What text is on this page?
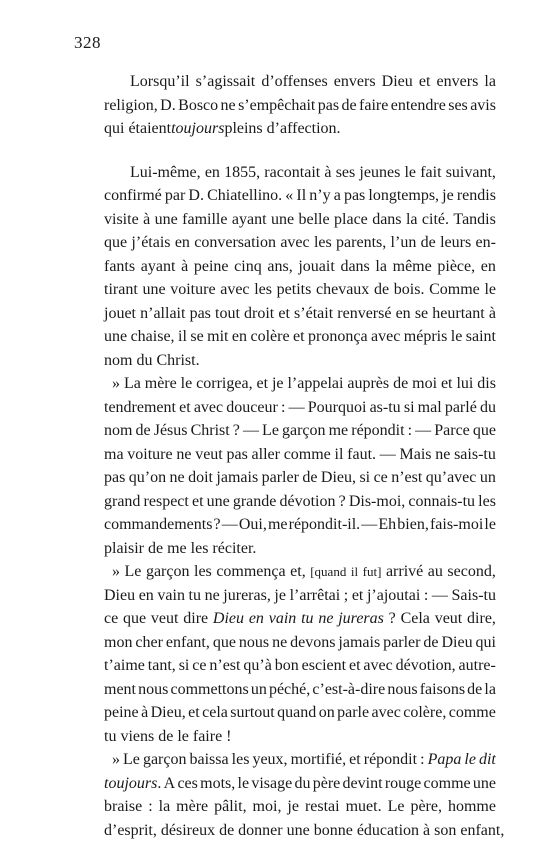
328
Lorsqu’il s’agissait d’offenses envers Dieu et envers la
religion, D. Bosco ne s’empêchait pas de faire entendre ses avis
qui étaient toujours pleins d’affection.
Lui-même, en 1855, racontait à ses jeunes le fait suivant,
confirmé par D. Chiatellino. « Il n’y a pas longtemps, je rendis
visite à une famille ayant une belle place dans la cité. Tandis
que j’étais en conversation avec les parents, l’un de leurs en-
fants ayant à peine cinq ans, jouait dans la même pièce, en
tirant une voiture avec les petits chevaux de bois. Comme le
jouet n’allait pas tout droit et s’était renversé en se heurtant à
une chaise, il se mit en colère et prononça avec mépris le saint
nom du Christ.
» La mère le corrigea, et je l’appelai auprès de moi et lui dis
tendrement et avec douceur : — Pourquoi as-tu si mal parlé du
nom de Jésus Christ ? — Le garçon me répondit : — Parce que
ma voiture ne veut pas aller comme il faut. — Mais ne sais-tu
pas qu’on ne doit jamais parler de Dieu, si ce n’est qu’avec un
grand respect et une grande dévotion ? Dis-moi, connais-tu les
commandements ? — Oui, me répondit-il. — Eh bien, fais-moi le
plaisir de me les réciter.
» Le garçon les commença et, [quand il fut] arrivé au second,
Dieu en vain tu ne jureras, je l’arrêtai ; et j’ajoutai : — Sais-tu
ce que veut dire Dieu en vain tu ne jureras ? Cela veut dire,
mon cher enfant, que nous ne devons jamais parler de Dieu qui
t’aime tant, si ce n’est qu’à bon escient et avec dévotion, autre-
ment nous commettons un péché, c’est-à-dire nous faisons de la
peine à Dieu, et cela surtout quand on parle avec colère, comme
tu viens de le faire !
» Le garçon baissa les yeux, mortifié, et répondit : Papa le dit
toujours. A ces mots, le visage du père devint rouge comme une
braise : la mère pâlit, moi, je restai muet. Le père, homme
d’esprit, désireux de donner une bonne éducation à son enfant,
